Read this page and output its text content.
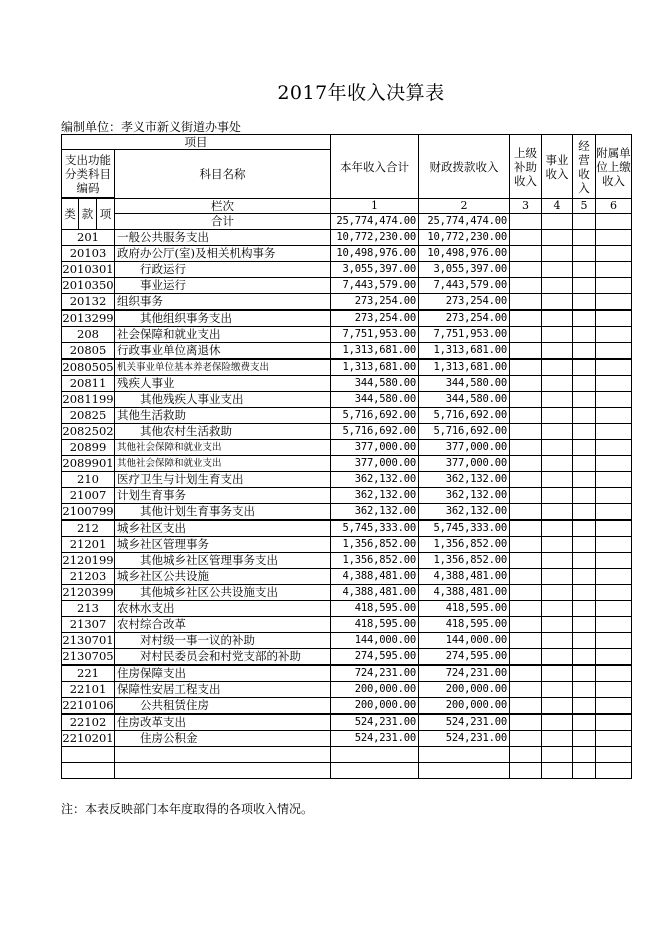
2017年收入决算表
编制单位：孝义市新义街道办事处
项目				本年收入合计	财政拨款收入	上级补助收入	事业收入	经营收入	附属单位上缴收入
支出功能分类科目编码			科目名称						

类	款	项	栏次	1	2	3	4	5	6
			合计	25,774,474.00	25,774,474.00				
201			一般公共服务支出	10,772,230.00	10,772,230.00				
20103			政府办公厅(室)及相关机构事务	10,498,976.00	10,498,976.00				
2010301			行政运行	3,055,397.00	3,055,397.00				
2010350			事业运行	7,443,579.00	7,443,579.00				
20132			组织事务	273,254.00	273,254.00				
2013299			其他组织事务支出	273,254.00	273,254.00				
208			社会保障和就业支出	7,751,953.00	7,751,953.00				
20805			行政事业单位离退休	1,313,681.00	1,313,681.00				
2080505			机关事业单位基本养老保险缴费支出	1,313,681.00	1,313,681.00				
20811			残疾人事业	344,580.00	344,580.00				
2081199			其他残疾人事业支出	344,580.00	344,580.00				
20825			其他生活救助	5,716,692.00	5,716,692.00				
2082502			其他农村生活救助	5,716,692.00	5,716,692.00				
20899			其他社会保障和就业支出	377,000.00	377,000.00				
2089901			其他社会保障和就业支出	377,000.00	377,000.00				
210			医疗卫生与计划生育支出	362,132.00	362,132.00				
21007			计划生育事务	362,132.00	362,132.00				
2100799			其他计划生育事务支出	362,132.00	362,132.00				
212			城乡社区支出	5,745,333.00	5,745,333.00				
21201			城乡社区管理事务	1,356,852.00	1,356,852.00				
2120199			其他城乡社区管理事务支出	1,356,852.00	1,356,852.00				
21203			城乡社区公共设施	4,388,481.00	4,388,481.00				
2120399			其他城乡社区公共设施支出	4,388,481.00	4,388,481.00				
213			农林水支出	418,595.00	418,595.00				
21307			农村综合改革	418,595.00	418,595.00				
2130701			对村级一事一议的补助	144,000.00	144,000.00				
2130705			对村民委员会和村党支部的补助	274,595.00	274,595.00				
221			住房保障支出	724,231.00	724,231.00				
22101			保障性安居工程支出	200,000.00	200,000.00				
2210106			公共租赁住房	200,000.00	200,000.00				
22102			住房改革支出	524,231.00	524,231.00				
2210201			住房公积金	524,231.00	524,231.00				

注：本表反映部门本年度取得的各项收入情况。
